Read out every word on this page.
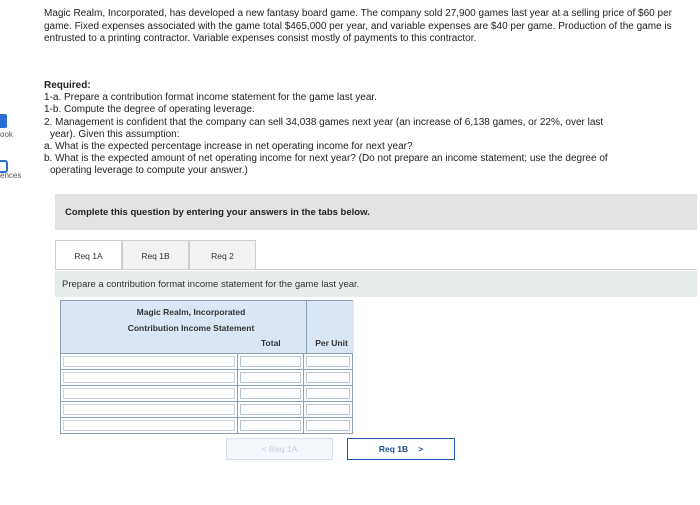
ook
ences

Magic Realm, Incorporated, has developed a new fantasy board game. The company sold 27,900 games last year at a selling price of $60 per game. Fixed expenses associated with the game total $465,000 per year, and variable expenses are $40 per game. Production of the game is entrusted to a printing contractor. Variable expenses consist mostly of payments to this contractor.

Required:
1-a. Prepare a contribution format income statement for the game last year.
1-b. Compute the degree of operating leverage.
2. Management is confident that the company can sell 34,038 games next year (an increase of 6,138 games, or 22%, over last
year). Given this assumption:
a. What is the expected percentage increase in net operating income for next year?
b. What is the expected amount of net operating income for next year? (Do not prepare an income statement; use the degree of
operating leverage to compute your answer.)
Complete this question by entering your answers in the tabs below.
Req 1A	Req 1B	Req 2
Prepare a contribution format income statement for the game last year.
Magic Realm, Incorporated
Contribution Income Statement
Total	Per Unit
<
Req 1A	Req 1B >
